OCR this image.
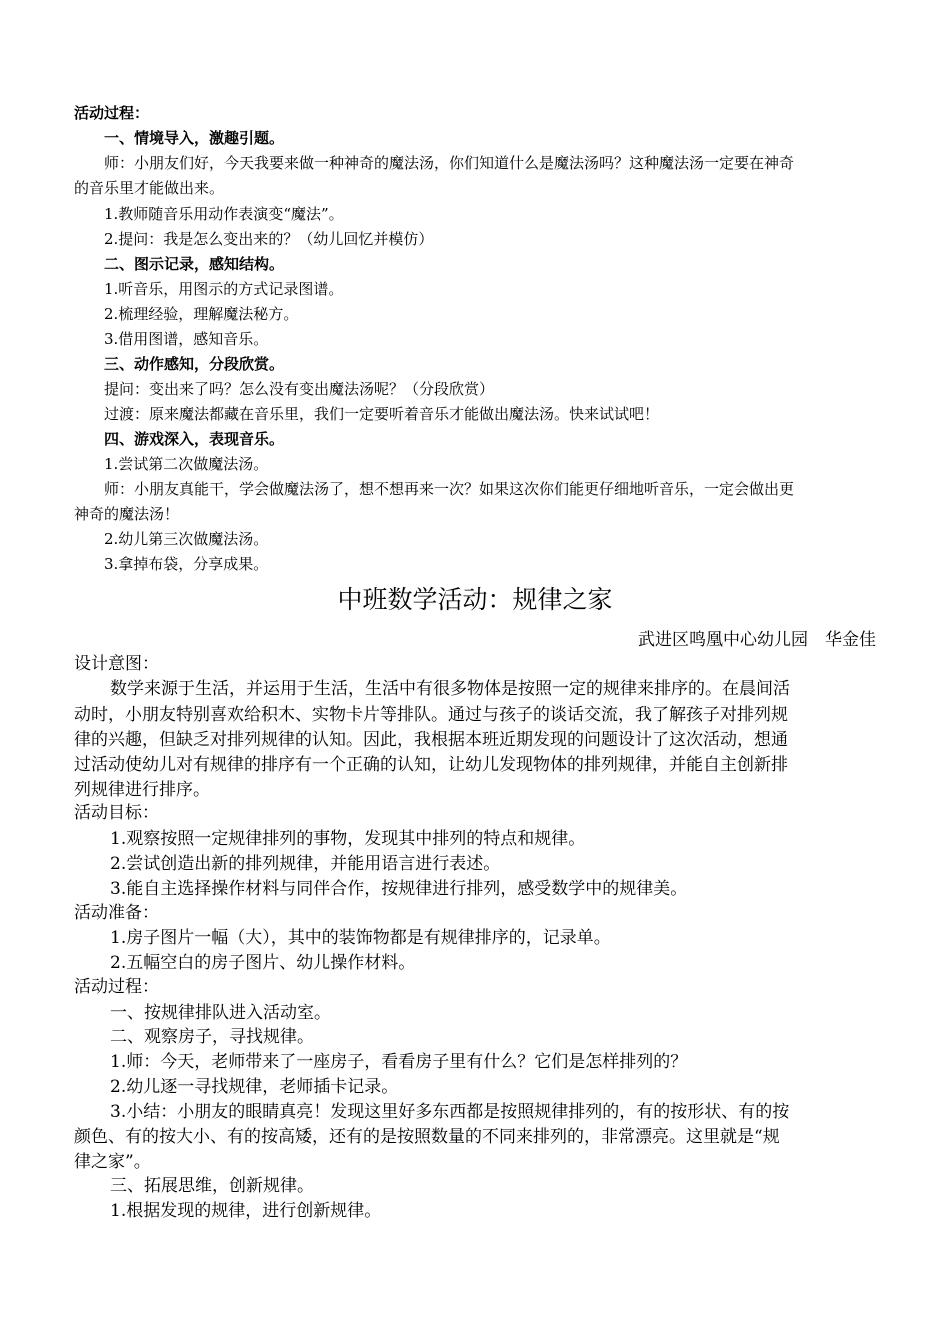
活动过程：
一、情境导入，激趣引题。
师：小朋友们好，今天我要来做一种神奇的魔法汤，你们知道什么是魔法汤吗？这种魔法汤一定要在神奇
的音乐里才能做出来。
1.教师随音乐用动作表演变“魔法”。
2.提问：我是怎么变出来的？（幼儿回忆并模仿）
二、图示记录，感知结构。
1.听音乐，用图示的方式记录图谱。
2.梳理经验，理解魔法秘方。
3.借用图谱，感知音乐。
三、动作感知，分段欣赏。
提问：变出来了吗？怎么没有变出魔法汤呢？（分段欣赏）
过渡：原来魔法都藏在音乐里，我们一定要听着音乐才能做出魔法汤。快来试试吧！
四、游戏深入，表现音乐。
1.尝试第二次做魔法汤。
师：小朋友真能干，学会做魔法汤了，想不想再来一次？如果这次你们能更仔细地听音乐，一定会做出更
神奇的魔法汤！
2.幼儿第三次做魔法汤。
3.拿掉布袋，分享成果。
中班数学活动：规律之家
武进区鸣凰中心幼儿园　华金佳
设计意图：
数学来源于生活，并运用于生活，生活中有很多物体是按照一定的规律来排序的。在晨间活
动时，小朋友特别喜欢给积木、实物卡片等排队。通过与孩子的谈话交流，我了解孩子对排列规
律的兴趣，但缺乏对排列规律的认知。因此，我根据本班近期发现的问题设计了这次活动，想通
过活动使幼儿对有规律的排序有一个正确的认知，让幼儿发现物体的排列规律，并能自主创新排
列规律进行排序。
活动目标：
1.观察按照一定规律排列的事物，发现其中排列的特点和规律。
2.尝试创造出新的排列规律，并能用语言进行表述。
3.能自主选择操作材料与同伴合作，按规律进行排列，感受数学中的规律美。
活动准备：
1.房子图片一幅（大），其中的装饰物都是有规律排序的，记录单。
2.五幅空白的房子图片、幼儿操作材料。
活动过程：
一、按规律排队进入活动室。
二、观察房子，寻找规律。
1.师：今天，老师带来了一座房子，看看房子里有什么？它们是怎样排列的？
2.幼儿逐一寻找规律，老师插卡记录。
3.小结：小朋友的眼睛真亮！发现这里好多东西都是按照规律排列的，有的按形状、有的按
颜色、有的按大小、有的按高矮，还有的是按照数量的不同来排列的，非常漂亮。这里就是“规
律之家”。
三、拓展思维，创新规律。
1.根据发现的规律，进行创新规律。
